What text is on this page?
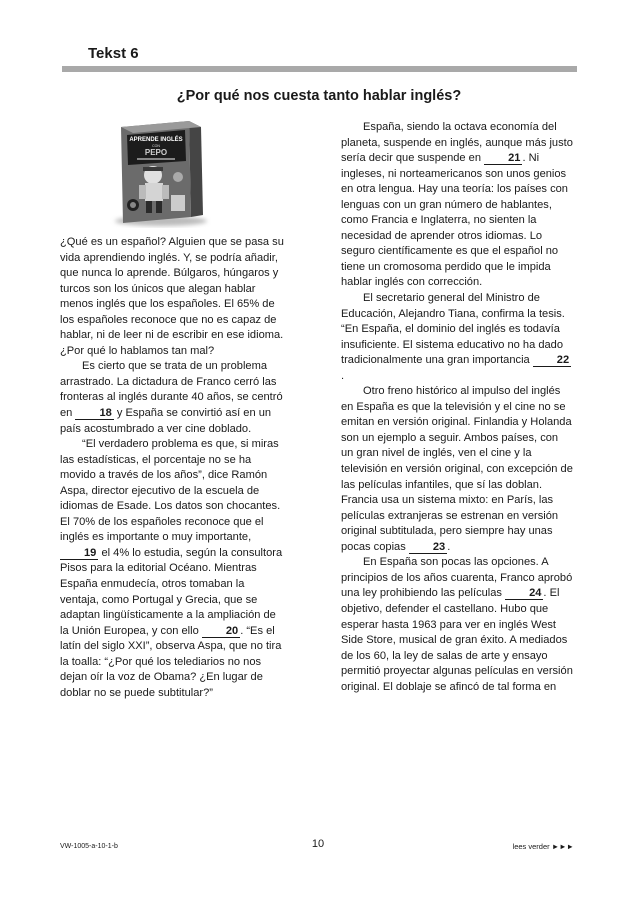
Tekst 6
¿Por qué nos cuesta tanto hablar inglés?
APRENDE INGLÉS
CON
PEPO

¿Qué es un español? Alguien que se pasa su vida aprendiendo inglés. Y, se podría añadir, que nunca lo aprende. Búlgaros, húngaros y turcos son los únicos que alegan hablar menos inglés que los españoles. El 65% de los españoles reconoce que no es capaz de hablar, ni de leer ni de escribir en ese idioma. ¿Por qué lo hablamos tan mal?

Es cierto que se trata de un problema arrastrado. La dictadura de Franco cerró las fronteras al inglés durante 40 años, se centró en 18 y España se convirtió así en un país acostumbrado a ver cine doblado.

“El verdadero problema es que, si miras las estadísticas, el porcentaje no se ha movido a través de los años”, dice Ramón Aspa, director ejecutivo de la escuela de idiomas de Esade. Los datos son chocantes. El 70% de los españoles reconoce que el inglés es importante o muy importante, 19 el 4% lo estudia, según la consultora Pisos para la editorial Océano. Mientras España enmudecía, otros tomaban la ventaja, como Portugal y Grecia, que se adaptan lingüísticamente a la ampliación de la Unión Europea, y con ello 20 . “Es el latín del siglo XXI”, observa Aspa, que no tira la toalla: “¿Por qué los telediarios no nos dejan oír la voz de Obama? ¿En lugar de doblar no se puede subtitular?”

España, siendo la octava economía del planeta, suspende en inglés, aunque más justo sería decir que suspende en 21 . Ni ingleses, ni norteamericanos son unos genios en otra lengua. Hay una teoría: los países con lenguas con un gran número de hablantes, como Francia e Inglaterra, no sienten la necesidad de aprender otros idiomas. Lo seguro científicamente es que el español no tiene un cromosoma perdido que le impida hablar inglés con corrección.

El secretario general del Ministro de Educación, Alejandro Tiana, confirma la tesis. “En España, el dominio del inglés es todavía insuficiente. El sistema educativo no ha dado tradicionalmente una gran importancia 22 .

Otro freno histórico al impulso del inglés en España es que la televisión y el cine no se emitan en versión original. Finlandia y Holanda son un ejemplo a seguir. Ambos países, con un gran nivel de inglés, ven el cine y la televisión en versión original, con excepción de las películas infantiles, que sí las doblan. Francia usa un sistema mixto: en París, las películas extranjeras se estrenan en versión original subtitulada, pero siempre hay unas pocas copias 23 .

En España son pocas las opciones. A principios de los años cuarenta, Franco aprobó una ley prohibiendo las películas 24 . El objetivo, defender el castellano. Hubo que esperar hasta 1963 para ver en inglés West Side Store, musical de gran éxito. A mediados de los 60, la ley de salas de arte y ensayo permitió proyectar algunas películas en versión original. El doblaje se afincó de tal forma en

VW-1005-a-10-1-b	10	lees verder ►►►
